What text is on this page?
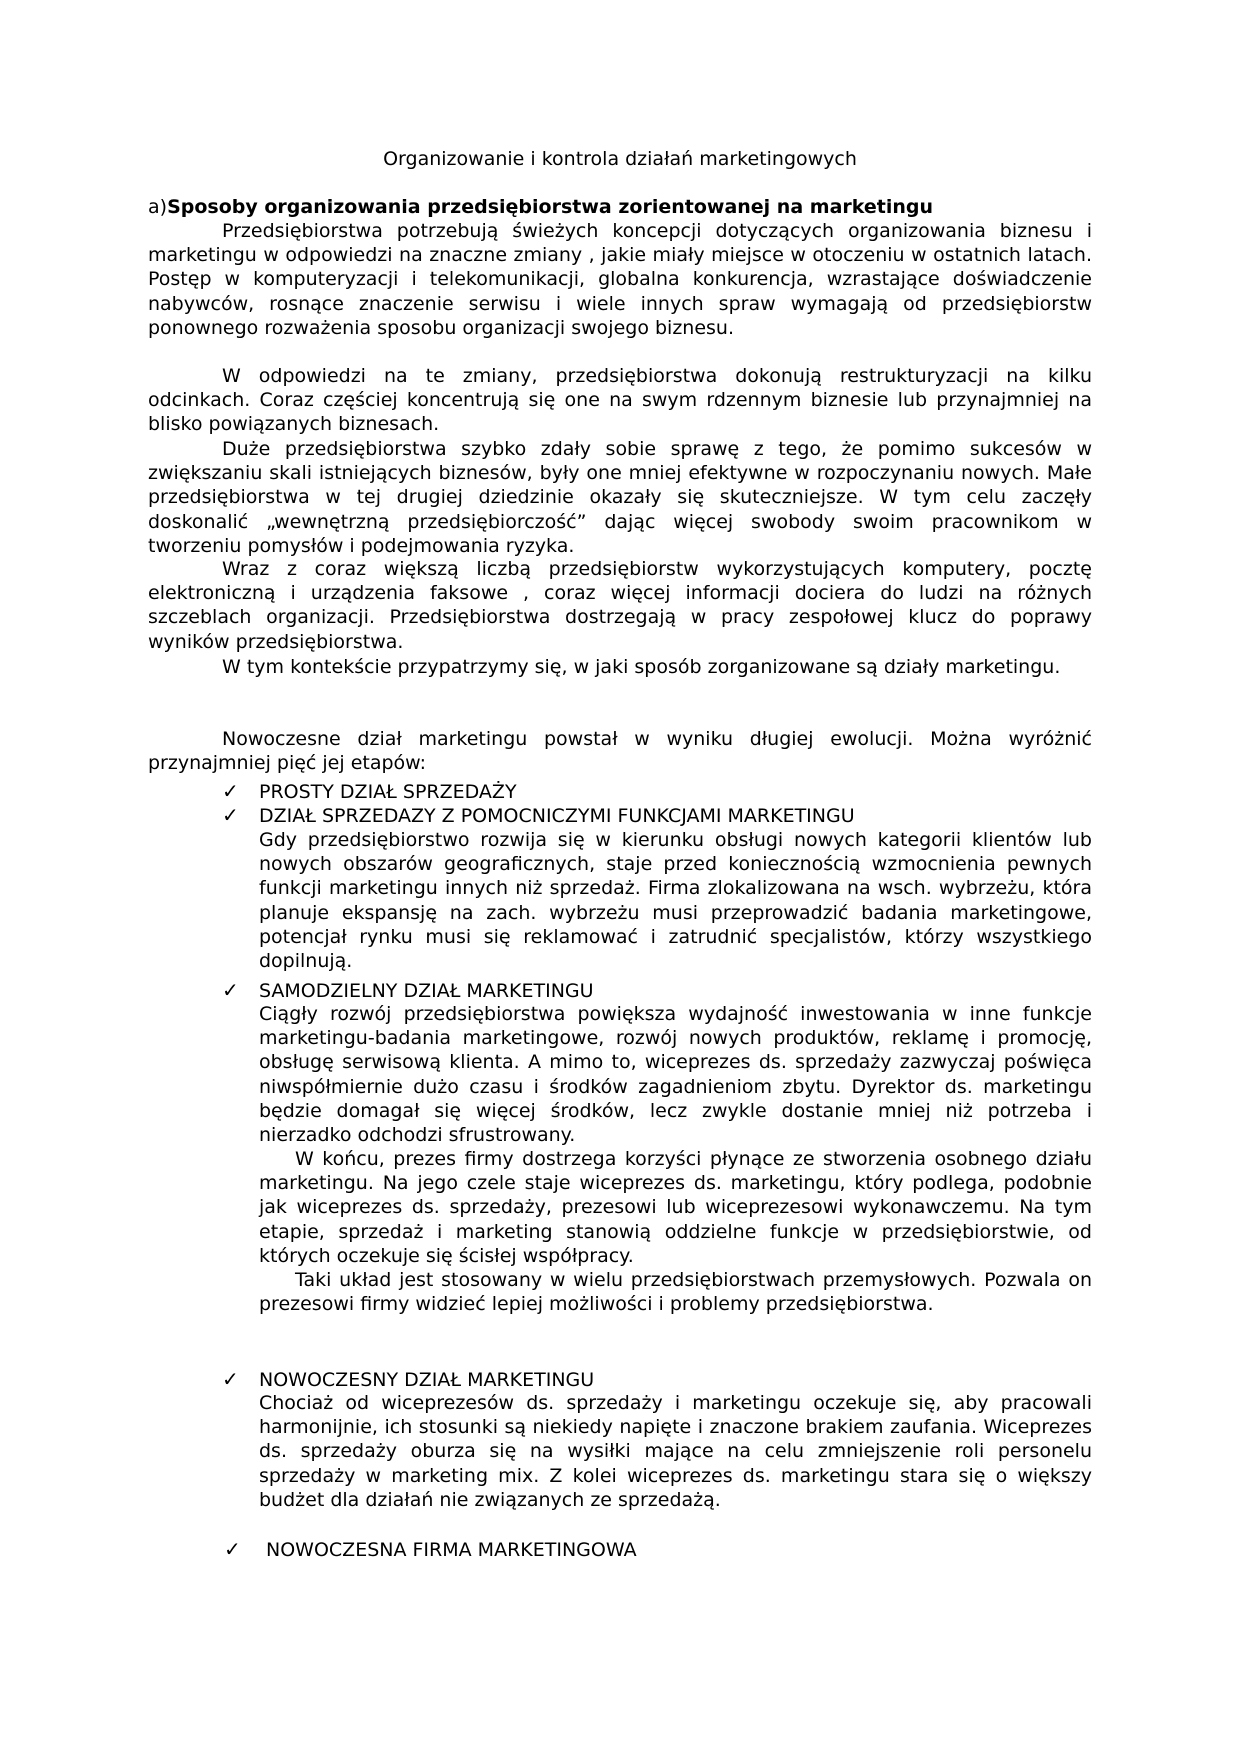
Organizowanie i kontrola działań marketingowych
a)Sposoby organizowania przedsiębiorstwa zorientowanej na marketingu

Przedsiębiorstwa potrzebują świeżych koncepcji dotyczących organizowania biznesu i marketingu w odpowiedzi na znaczne zmiany , jakie miały miejsce w otoczeniu w ostatnich latach. Postęp w komputeryzacji i telekomunikacji, globalna konkurencja, wzrastające doświadczenie nabywców, rosnące znaczenie serwisu i wiele innych spraw wymagają od przedsiębiorstw ponownego rozważenia sposobu organizacji swojego biznesu.

W odpowiedzi na te zmiany, przedsiębiorstwa dokonują restrukturyzacji na kilku odcinkach. Coraz częściej koncentrują się one na swym rdzennym biznesie lub przynajmniej na blisko powiązanych biznesach.

Duże przedsiębiorstwa szybko zdały sobie sprawę z tego, że pomimo sukcesów w zwiększaniu skali istniejących biznesów, były one mniej efektywne w rozpoczynaniu nowych. Małe przedsiębiorstwa w tej drugiej dziedzinie okazały się skuteczniejsze. W tym celu zaczęły doskonalić „wewnętrzną przedsiębiorczość” dając więcej swobody swoim pracownikom w tworzeniu pomysłów i podejmowania ryzyka.

Wraz z coraz większą liczbą przedsiębiorstw wykorzystujących komputery, pocztę elektroniczną i urządzenia faksowe , coraz więcej informacji dociera do ludzi na różnych szczeblach organizacji. Przedsiębiorstwa dostrzegają w pracy zespołowej klucz do poprawy wyników przedsiębiorstwa.

W tym kontekście przypatrzymy się, w jaki sposób zorganizowane są działy marketingu.

Nowoczesne dział marketingu powstał w wyniku długiej ewolucji. Można wyróżnić przynajmniej pięć jej etapów:

✓ PROSTY DZIAŁ SPRZEDAŻY
✓ DZIAŁ SPRZEDAZY Z POMOCNICZYMI FUNKCJAMI MARKETINGU

Gdy przedsiębiorstwo rozwija się w kierunku obsługi nowych kategorii klientów lub nowych obszarów geograficznych, staje przed koniecznością wzmocnienia pewnych funkcji marketingu innych niż sprzedaż. Firma zlokalizowana na wsch. wybrzeżu, która planuje ekspansję na zach. wybrzeżu musi przeprowadzić badania marketingowe, potencjał rynku musi się reklamować i zatrudnić specjalistów, którzy wszystkiego dopilnują.

✓ SAMODZIELNY DZIAŁ MARKETINGU

Ciągły rozwój przedsiębiorstwa powiększa wydajność inwestowania w inne funkcje marketingu-badania marketingowe, rozwój nowych produktów, reklamę i promocję, obsługę serwisową klienta. A mimo to, wiceprezes ds. sprzedaży zazwyczaj poświęca niwspółmiernie dużo czasu i środków zagadnieniom zbytu. Dyrektor ds. marketingu będzie domagał się więcej środków, lecz zwykle dostanie mniej niż potrzeba i nierzadko odchodzi sfrustrowany.

W końcu, prezes firmy dostrzega korzyści płynące ze stworzenia osobnego działu marketingu. Na jego czele staje wiceprezes ds. marketingu, który podlega, podobnie jak wiceprezes ds. sprzedaży, prezesowi lub wiceprezesowi wykonawczemu. Na tym etapie, sprzedaż i marketing stanowią oddzielne funkcje w przedsiębiorstwie, od których oczekuje się ścisłej współpracy.

Taki układ jest stosowany w wielu przedsiębiorstwach przemysłowych. Pozwala on prezesowi firmy widzieć lepiej możliwości i problemy przedsiębiorstwa.

✓ NOWOCZESNY DZIAŁ MARKETINGU

Chociaż od wiceprezesów ds. sprzedaży i marketingu oczekuje się, aby pracowali harmonijnie, ich stosunki są niekiedy napięte i znaczone brakiem zaufania. Wiceprezes ds. sprzedaży oburza się na wysiłki mające na celu zmniejszenie roli personelu sprzedaży w marketing mix. Z kolei wiceprezes ds. marketingu stara się o większy budżet dla działań nie związanych ze sprzedażą.

✓ NOWOCZESNA FIRMA MARKETINGOWA
